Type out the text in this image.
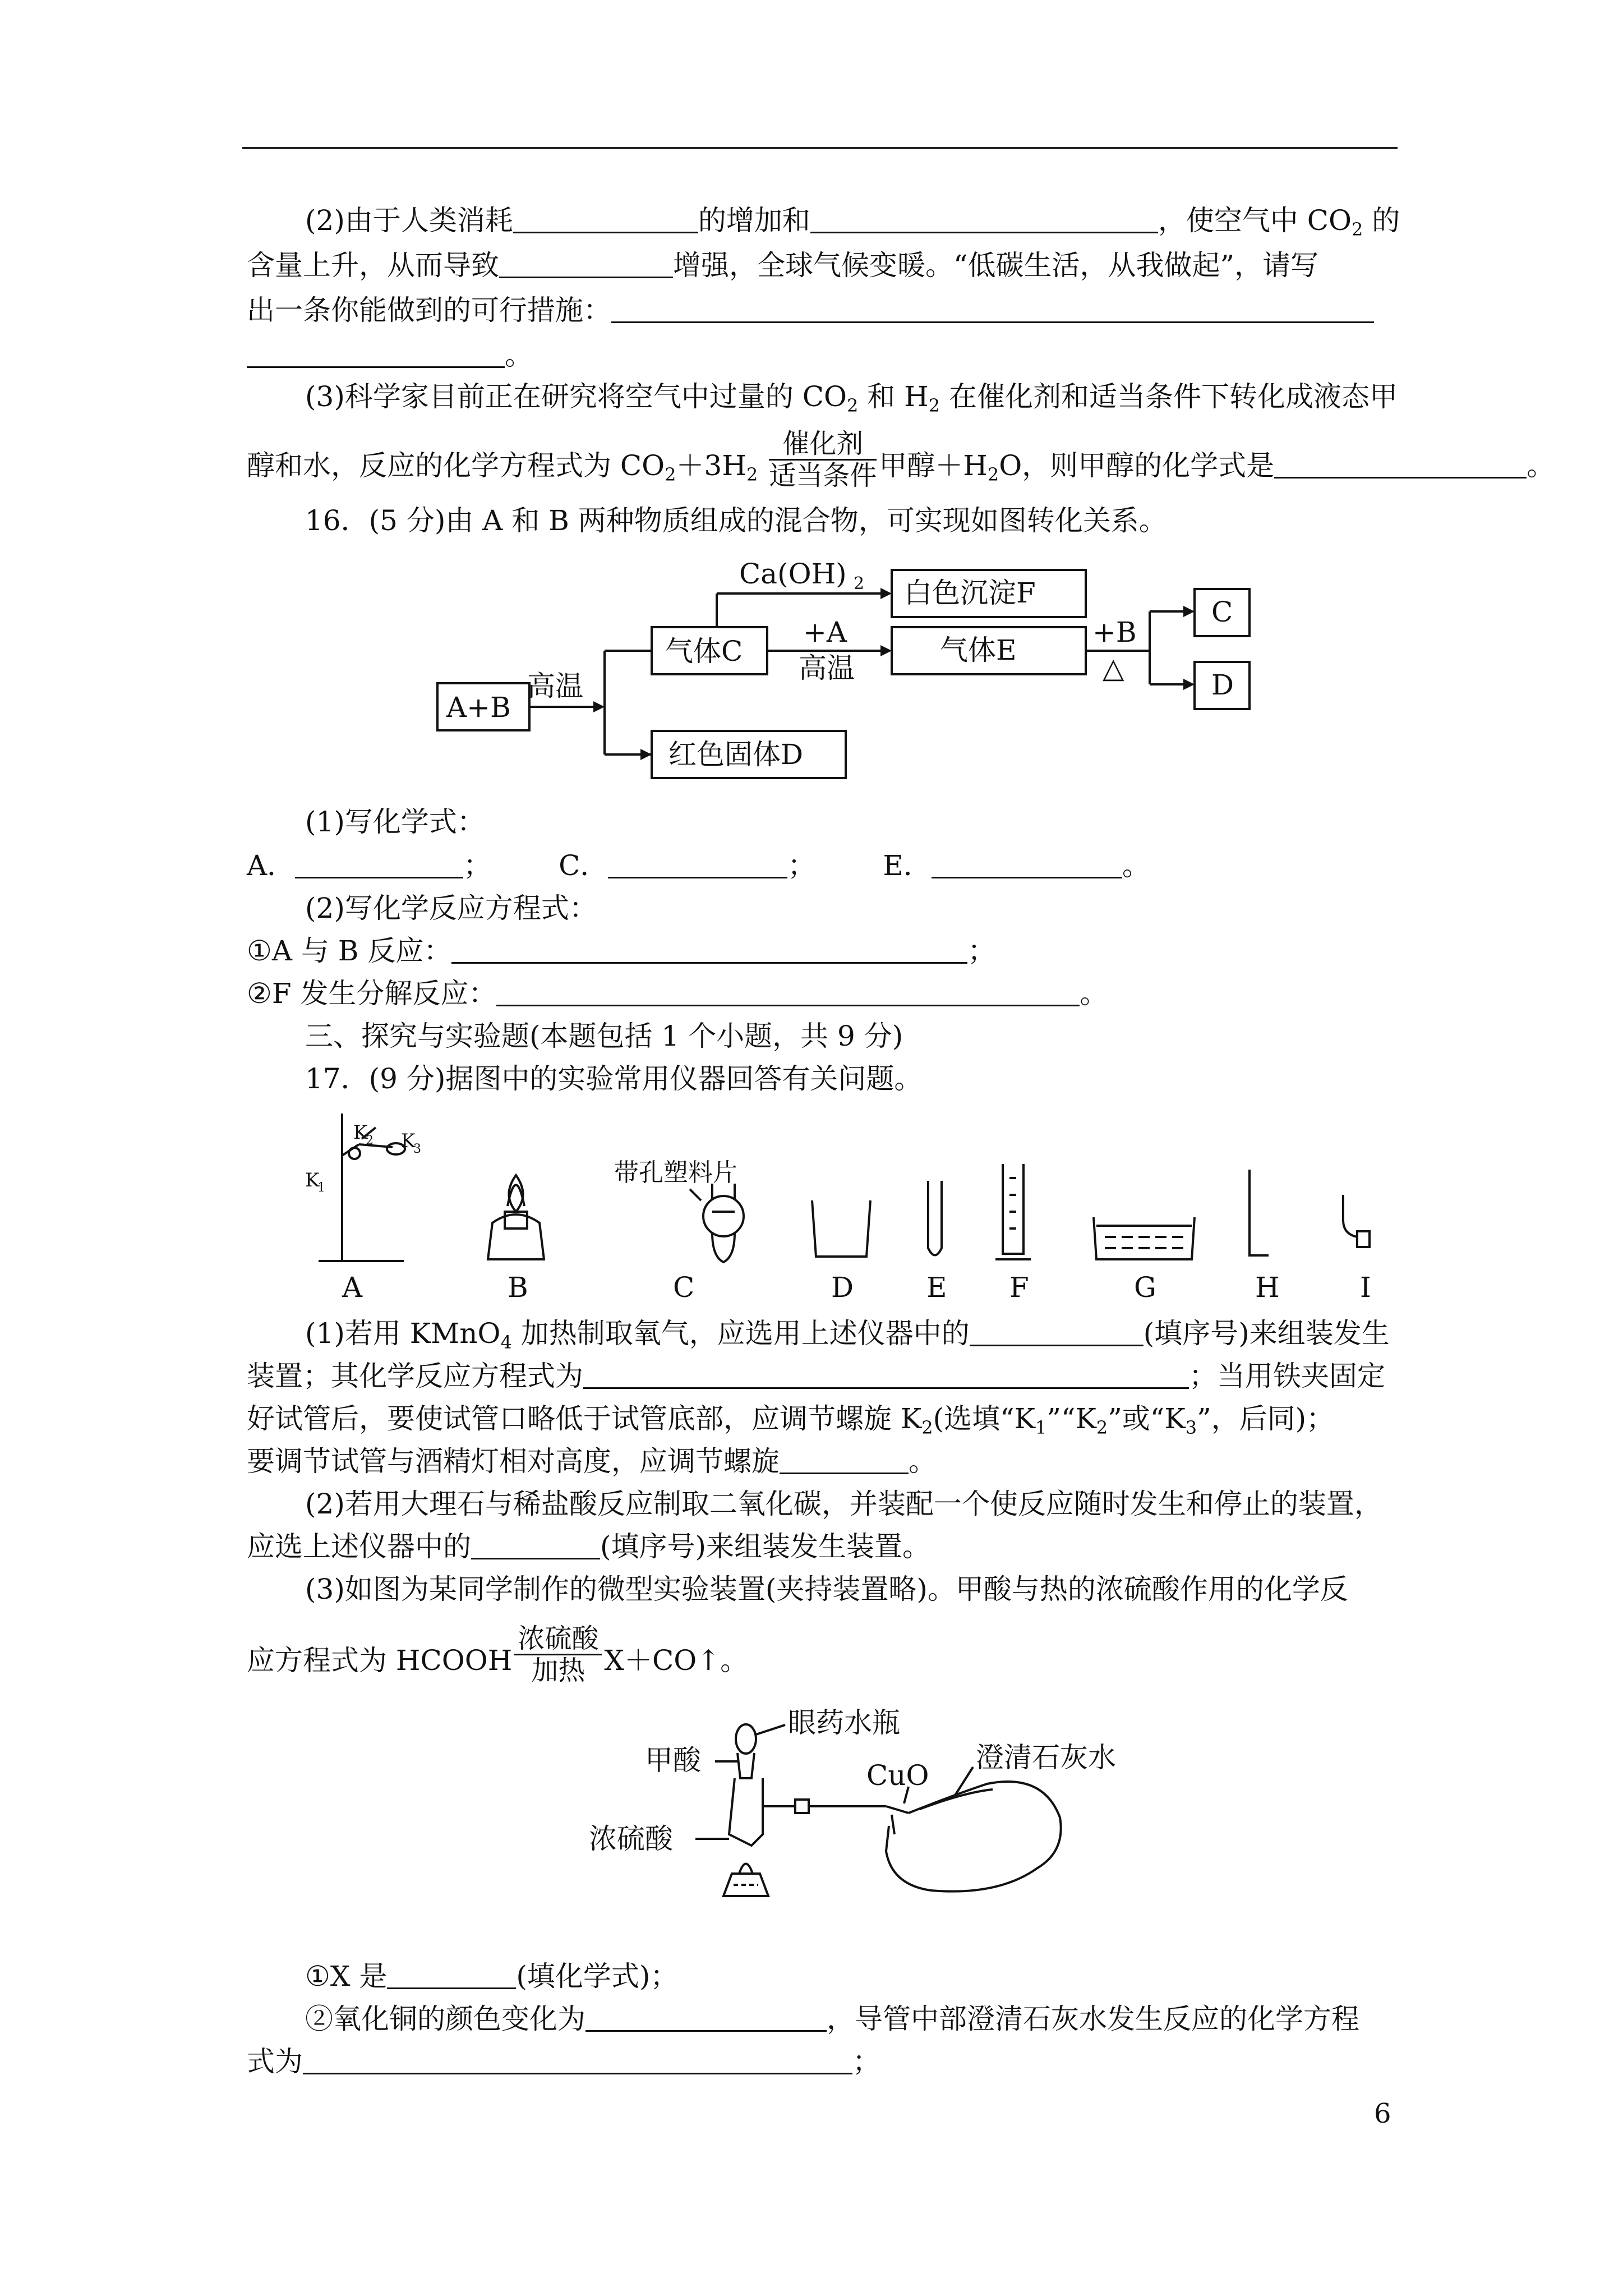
(2)由于人类消耗	的增加和	，使空气中 $CO_2$ 的
含量上升，从而导致	增强，全球气候变暖。“低碳生活，从我做起”，请写
出一条你能做到的可行措施：
。
(3)科学家目前正在研究将空气中过量的 $CO_2$ 和 $H_2$ 在催化剂和适当条件下转化成液态甲
醇和水，反应的化学方程式为 $CO_2+3H_2 \frac{\text{催化剂}}{\text{适当条件}}$ 甲醇$+H_2O$，则甲醇的化学式是	。
16．(5 分)由 A 和 B 两种物质组成的混合物，可实现如图转化关系。
A+B
高温
气体C
Ca(OH) 2 白色沉淀F
+A
高温
气体E
+B
△
C
D
红色固体D
(1)写化学式：
A．	； C．	； E．	。
(2)写化学反应方程式：
①A 与 B 反应：	；
②F 发生分解反应：	。
三、探究与实验题(本题包括 1 个小题，共 9 分)
17．(9 分)据图中的实验常用仪器回答有关问题。
K
1
K
2 K
3
带孔塑料片
A	B	C	D	E F	G	H	I
(1)若用 KMnO$_4$ 加热制取氧气，应选用上述仪器中的	(填序号)来组装发生
装置；其化学反应方程式为	；当用铁夹固定
好试管后，要使试管口略低于试管底部，应调节螺旋 $K_2$(选填“$K_1”“K_2$”或“$K_3$”，后同)；
要调节试管与酒精灯相对高度，应调节螺旋	。
(2)若用大理石与稀盐酸反应制取二氧化碳，并装配一个使反应随时发生和停止的装置，
应选上述仪器中的	(填序号)来组装发生装置。
(3)如图为某同学制作的微型实验装置(夹持装置略)。甲酸与热的浓硫酸作用的化学反
应方程式为 HCOOH $\frac{\text{浓硫酸}}{\text{加热}}$ X＋CO↑。
甲酸
眼药水瓶
CuO
澄清石灰水
浓硫酸
①X 是	(填化学式)；
②氧化铜的颜色变化为	，导管中部澄清石灰水发生反应的化学方程
式为	；
6
